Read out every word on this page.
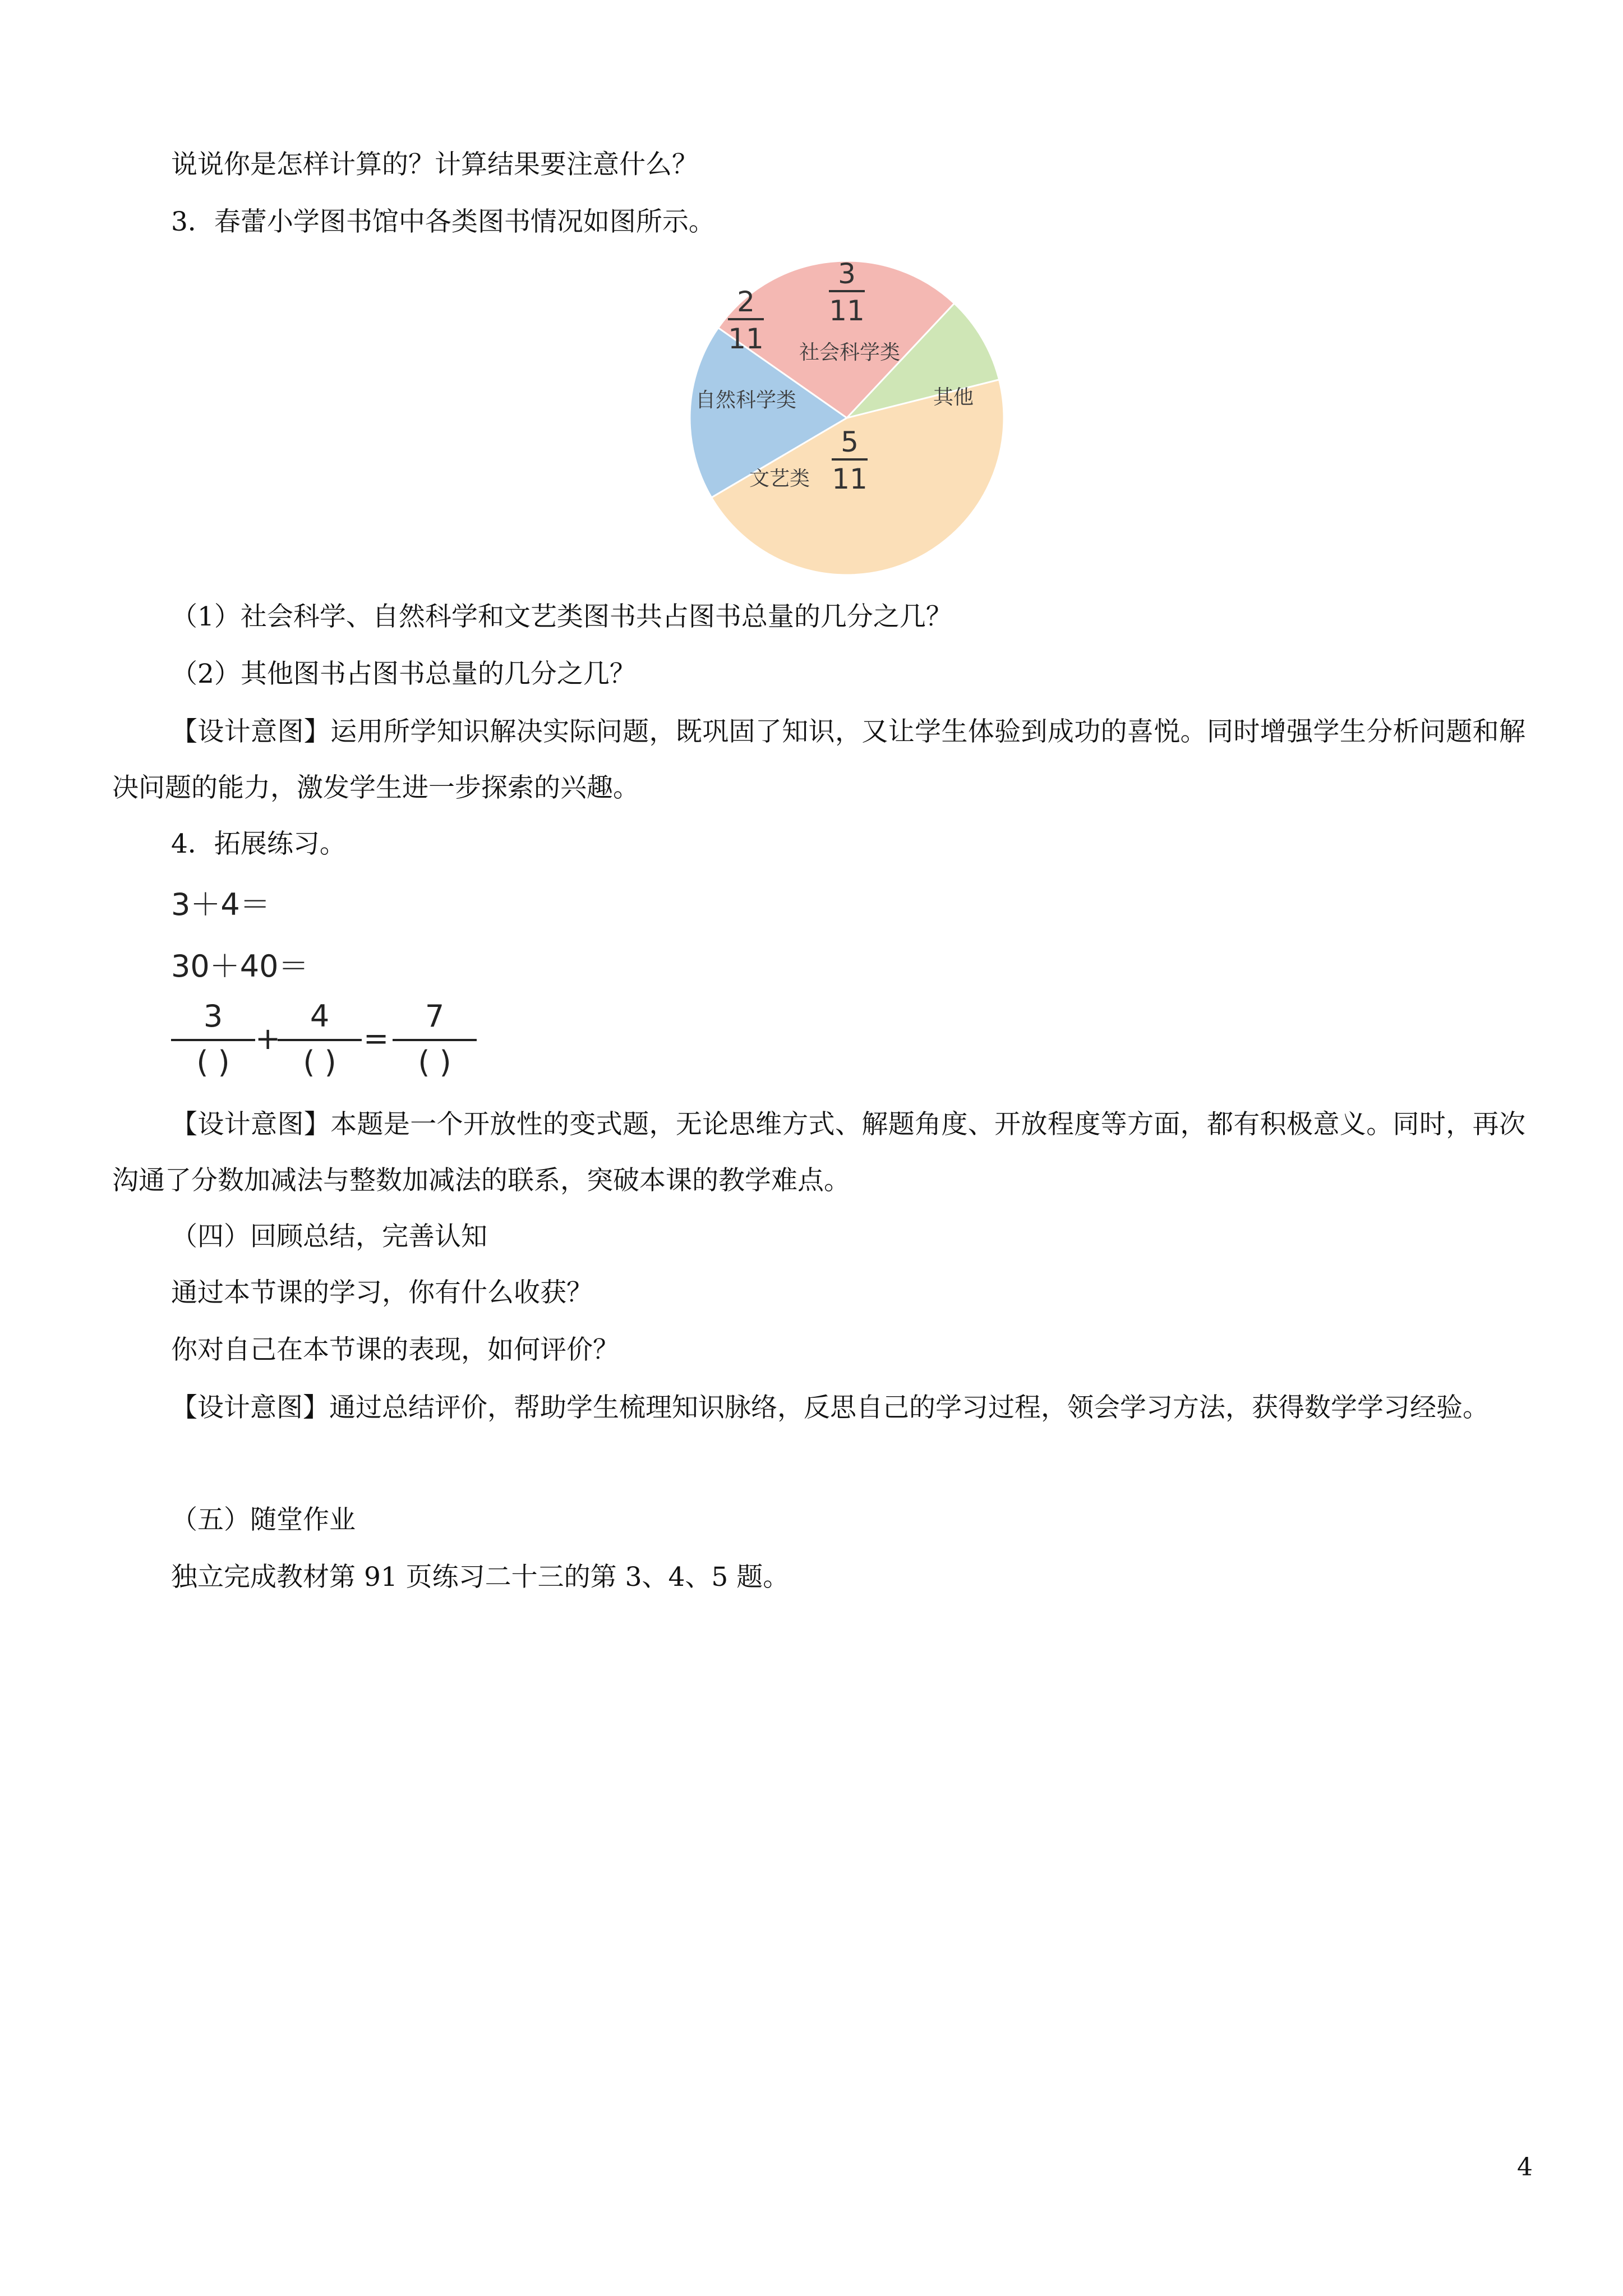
说说你是怎样计算的？计算结果要注意什么？
3．春蕾小学图书馆中各类图书情况如图所示。
社会科学类
3
11
其他
文艺类
5
11
自然科学类
2
11
（1）社会科学、自然科学和文艺类图书共占图书总量的几分之几？
（2）其他图书占图书总量的几分之几？
【设计意图】运用所学知识解决实际问题，既巩固了知识，又让学生体验到成功的喜悦。同时增强学生分析问题和解决问题的能力，激发学生进一步探索的兴趣。
4．拓展练习。
3＋4＝
30＋40＝
3
( )
+
4
( )
=
7
( )
【设计意图】本题是一个开放性的变式题，无论思维方式、解题角度、开放程度等方面，都有积极意义。同时，再次沟通了分数加减法与整数加减法的联系，突破本课的教学难点。
（四）回顾总结，完善认知
通过本节课的学习，你有什么收获？
你对自己在本节课的表现，如何评价？
【设计意图】通过总结评价，帮助学生梳理知识脉络，反思自己的学习过程，领会学习方法，获得数学学习经验。
（五）随堂作业
独立完成教材第 91 页练习二十三的第 3、4、5 题。
4
